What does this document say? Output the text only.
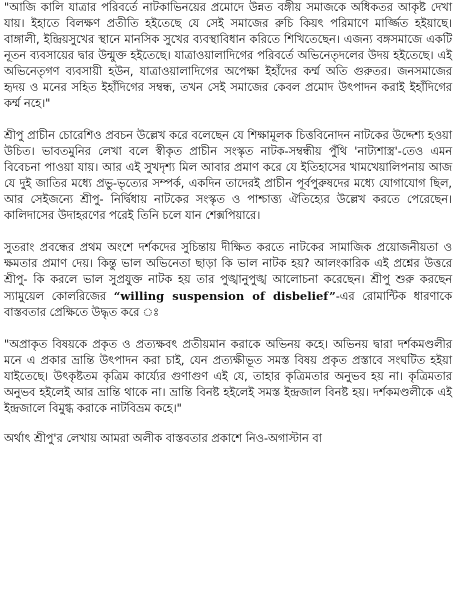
"আজি কালি যাত্রার পরিবর্তে নাটকাভিনয়ের প্রমোদে উন্নত বঙ্গীয় সমাজকে অধিকতর আকৃষ্ট দেখা যায়। ইহাতে বিলক্ষণ প্রতীতি হইতেছে যে সেই সমাজের রুচি কিয়ৎ পরিমাণে মার্জ্জিত হইয়াছে। বাঙ্গালী, ইন্দ্রিয়সুখের স্থানে মানসিক সুখের ব্যবস্থাবিধান করিতে শিখিতেছেন। এজন্য বঙ্গসমাজে একটি নূতন ব্যবসায়ের দ্বার উন্মুক্ত হইতেছে। যাত্রাওয়ালাদিগের পরিবর্তে অভিনেতৃদলের উদয় হইতেছে। এই অভিনেতৃগণ ব্যবসায়ী হউন, যাত্রাওয়ালাদিগের অপেক্ষা ইহাঁদের কর্ম্ম অতি গুরুতর। জনসমাজের হৃদয় ও মনের সহিত ইহাঁদিগের সম্বন্ধ, তখন সেই সমাজের কেবল প্রমোদ উৎপাদন করাই ইহাঁদিগের কর্ম্ম নহে।"

শ্রীপু প্রাচীন চোরেশিও প্রবচন উল্লেখ করে বলেছেন যে শিক্ষামূলক চিত্তবিনোদন নাটকের উদ্দেশ্য হওয়া উচিত। ভাবতমুনির লেখা বলে স্বীকৃত প্রাচীন সংস্কৃত নাটক-সম্বন্ধীয় পুঁথি 'নাট্যশাস্ত্র'-তেও এমন বিবেচনা পাওয়া যায়। আর এই সুখদৃশ্য মিল আবার প্রমাণ করে যে ইতিহাসের খামখেয়ালিপনায় আজ যে দুই জাতির মধ্যে প্রভু-ভৃত্যের সম্পর্ক, একদিন তাদেরই প্রাচীন পূর্বপুরুষদের মধ্যে যোগাযোগ ছিল, আর সেইজন্যে শ্রীপু- নির্দ্বিধায় নাটকের সংস্কৃত ও পাশ্চাত্ত্য ঐতিহ্যের উল্লেখ করতে পেরেছেন। কালিদাসের উদাহরণের পরেই তিনি চলে যান শেক্সপিয়ারে।

সুতরাং প্রবন্ধের প্রথম অংশে দর্শকদের সুচিন্তায় দীক্ষিত করতে নাটকের সামাজিক প্রয়োজনীয়তা ও ক্ষমতার প্রমাণ দেয়। কিন্তু ভাল অভিনেতা ছাড়া কি ভাল নাটক হয়? আলংকারিক এই প্রশ্নের উত্তরে শ্রীপু- কি করলে ভাল সুপ্রযুক্ত নাটক হয় তার পুঙ্খানুপুঙ্খ আলোচনা করেছেন। শ্রীপু শুরু করছেন স্যামুয়েল কোলরিজের “willing suspension of disbelief”-এর রোমান্টিক ধারণাকে বাস্তবতার প্রেক্ষিতে উদ্ধৃত করে ঃ

"অপ্রাকৃত বিষয়কে প্রকৃত ও প্রত্যক্ষবৎ প্রতীয়মান করাকে অভিনয় কহে। অভিনয় দ্বারা দর্শকমণ্ডলীর মনে এ প্রকার ভ্রান্তি উৎপাদন করা চাই, যেন প্রত্যক্ষীভূত সমস্ত বিষয় প্রকৃত প্রস্তাবে সংঘটিত হইয়া যাইতেছে। উৎকৃষ্টতম কৃত্রিম কার্য্যের গুণাগুণ এই যে, তাহার কৃত্রিমতার অনুভব হয় না। কৃত্রিমতার অনুভব হইলেই আর ভ্রান্তি থাকে না। ভ্রান্তি বিনষ্ট হইলেই সমস্ত ইন্দ্রজাল বিনষ্ট হয়। দর্শকমণ্ডলীকে এই ইন্দ্রজালে বিমুগ্ধ করাকে নাটবিভ্রম কহে।"

অর্থাৎ শ্রীপু'র লেখায় আমরা অলীক বাস্তবতার প্রকাশে নিও-অগাস্টান বা
